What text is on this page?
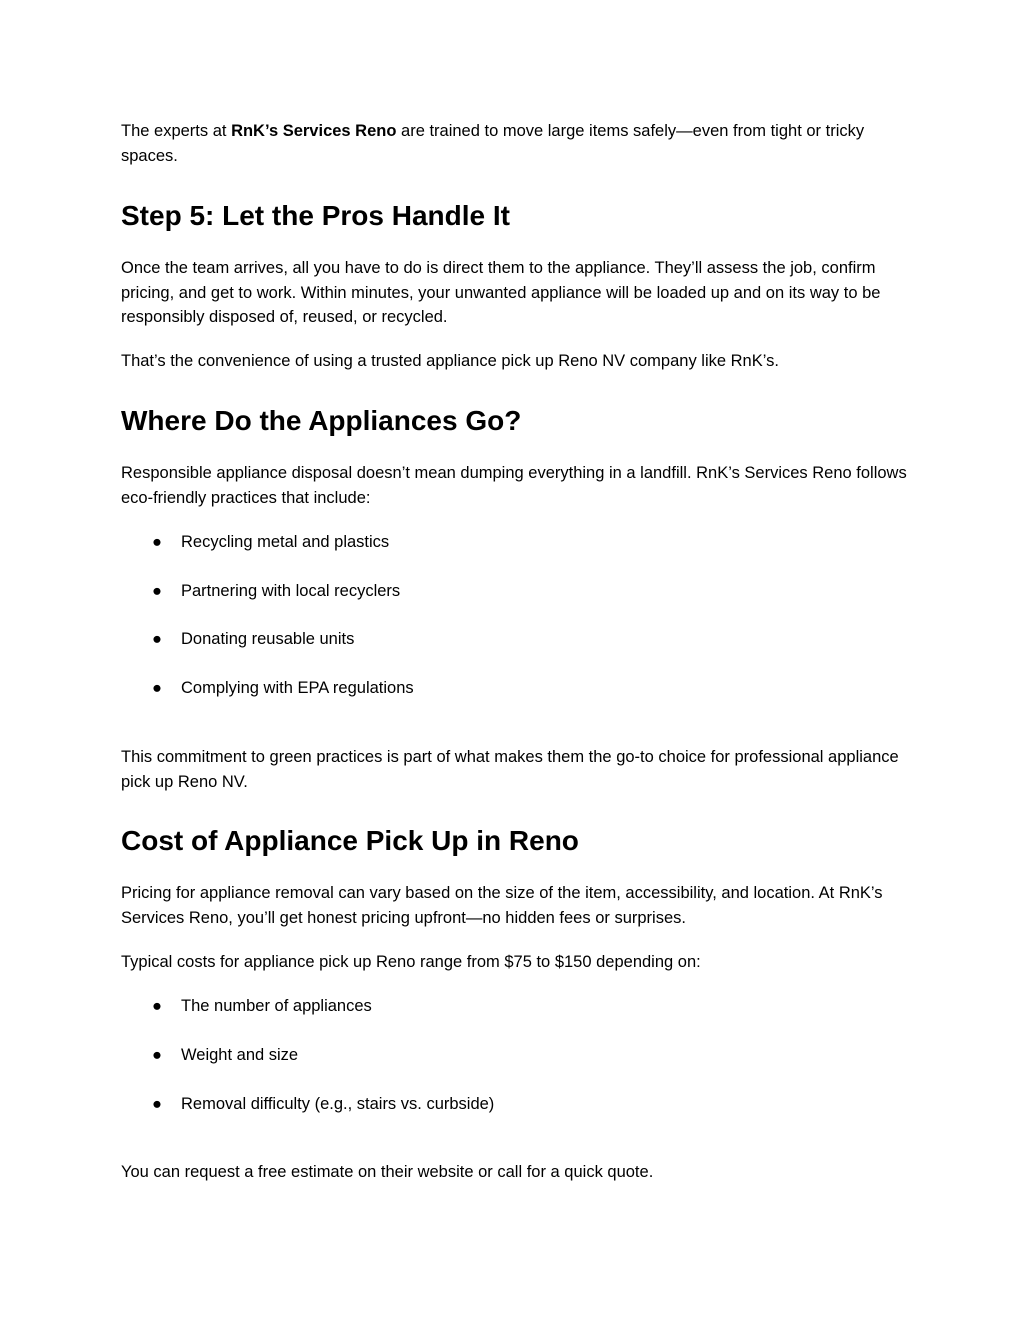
The experts at RnK’s Services Reno are trained to move large items safely—even from tight or tricky spaces.

Step 5: Let the Pros Handle It

Once the team arrives, all you have to do is direct them to the appliance. They’ll assess the job, confirm pricing, and get to work. Within minutes, your unwanted appliance will be loaded up and on its way to be responsibly disposed of, reused, or recycled.

That’s the convenience of using a trusted appliance pick up Reno NV company like RnK’s.

Where Do the Appliances Go?

Responsible appliance disposal doesn’t mean dumping everything in a landfill. RnK’s Services Reno follows eco-friendly practices that include:

●	Recycling metal and plastics
●	Partnering with local recyclers
●	Donating reusable units
●	Complying with EPA regulations

This commitment to green practices is part of what makes them the go-to choice for professional appliance pick up Reno NV.

Cost of Appliance Pick Up in Reno

Pricing for appliance removal can vary based on the size of the item, accessibility, and location. At RnK’s Services Reno, you’ll get honest pricing upfront—no hidden fees or surprises.

Typical costs for appliance pick up Reno range from $75 to $150 depending on:

●	The number of appliances
●	Weight and size
●	Removal difficulty (e.g., stairs vs. curbside)

You can request a free estimate on their website or call for a quick quote.
